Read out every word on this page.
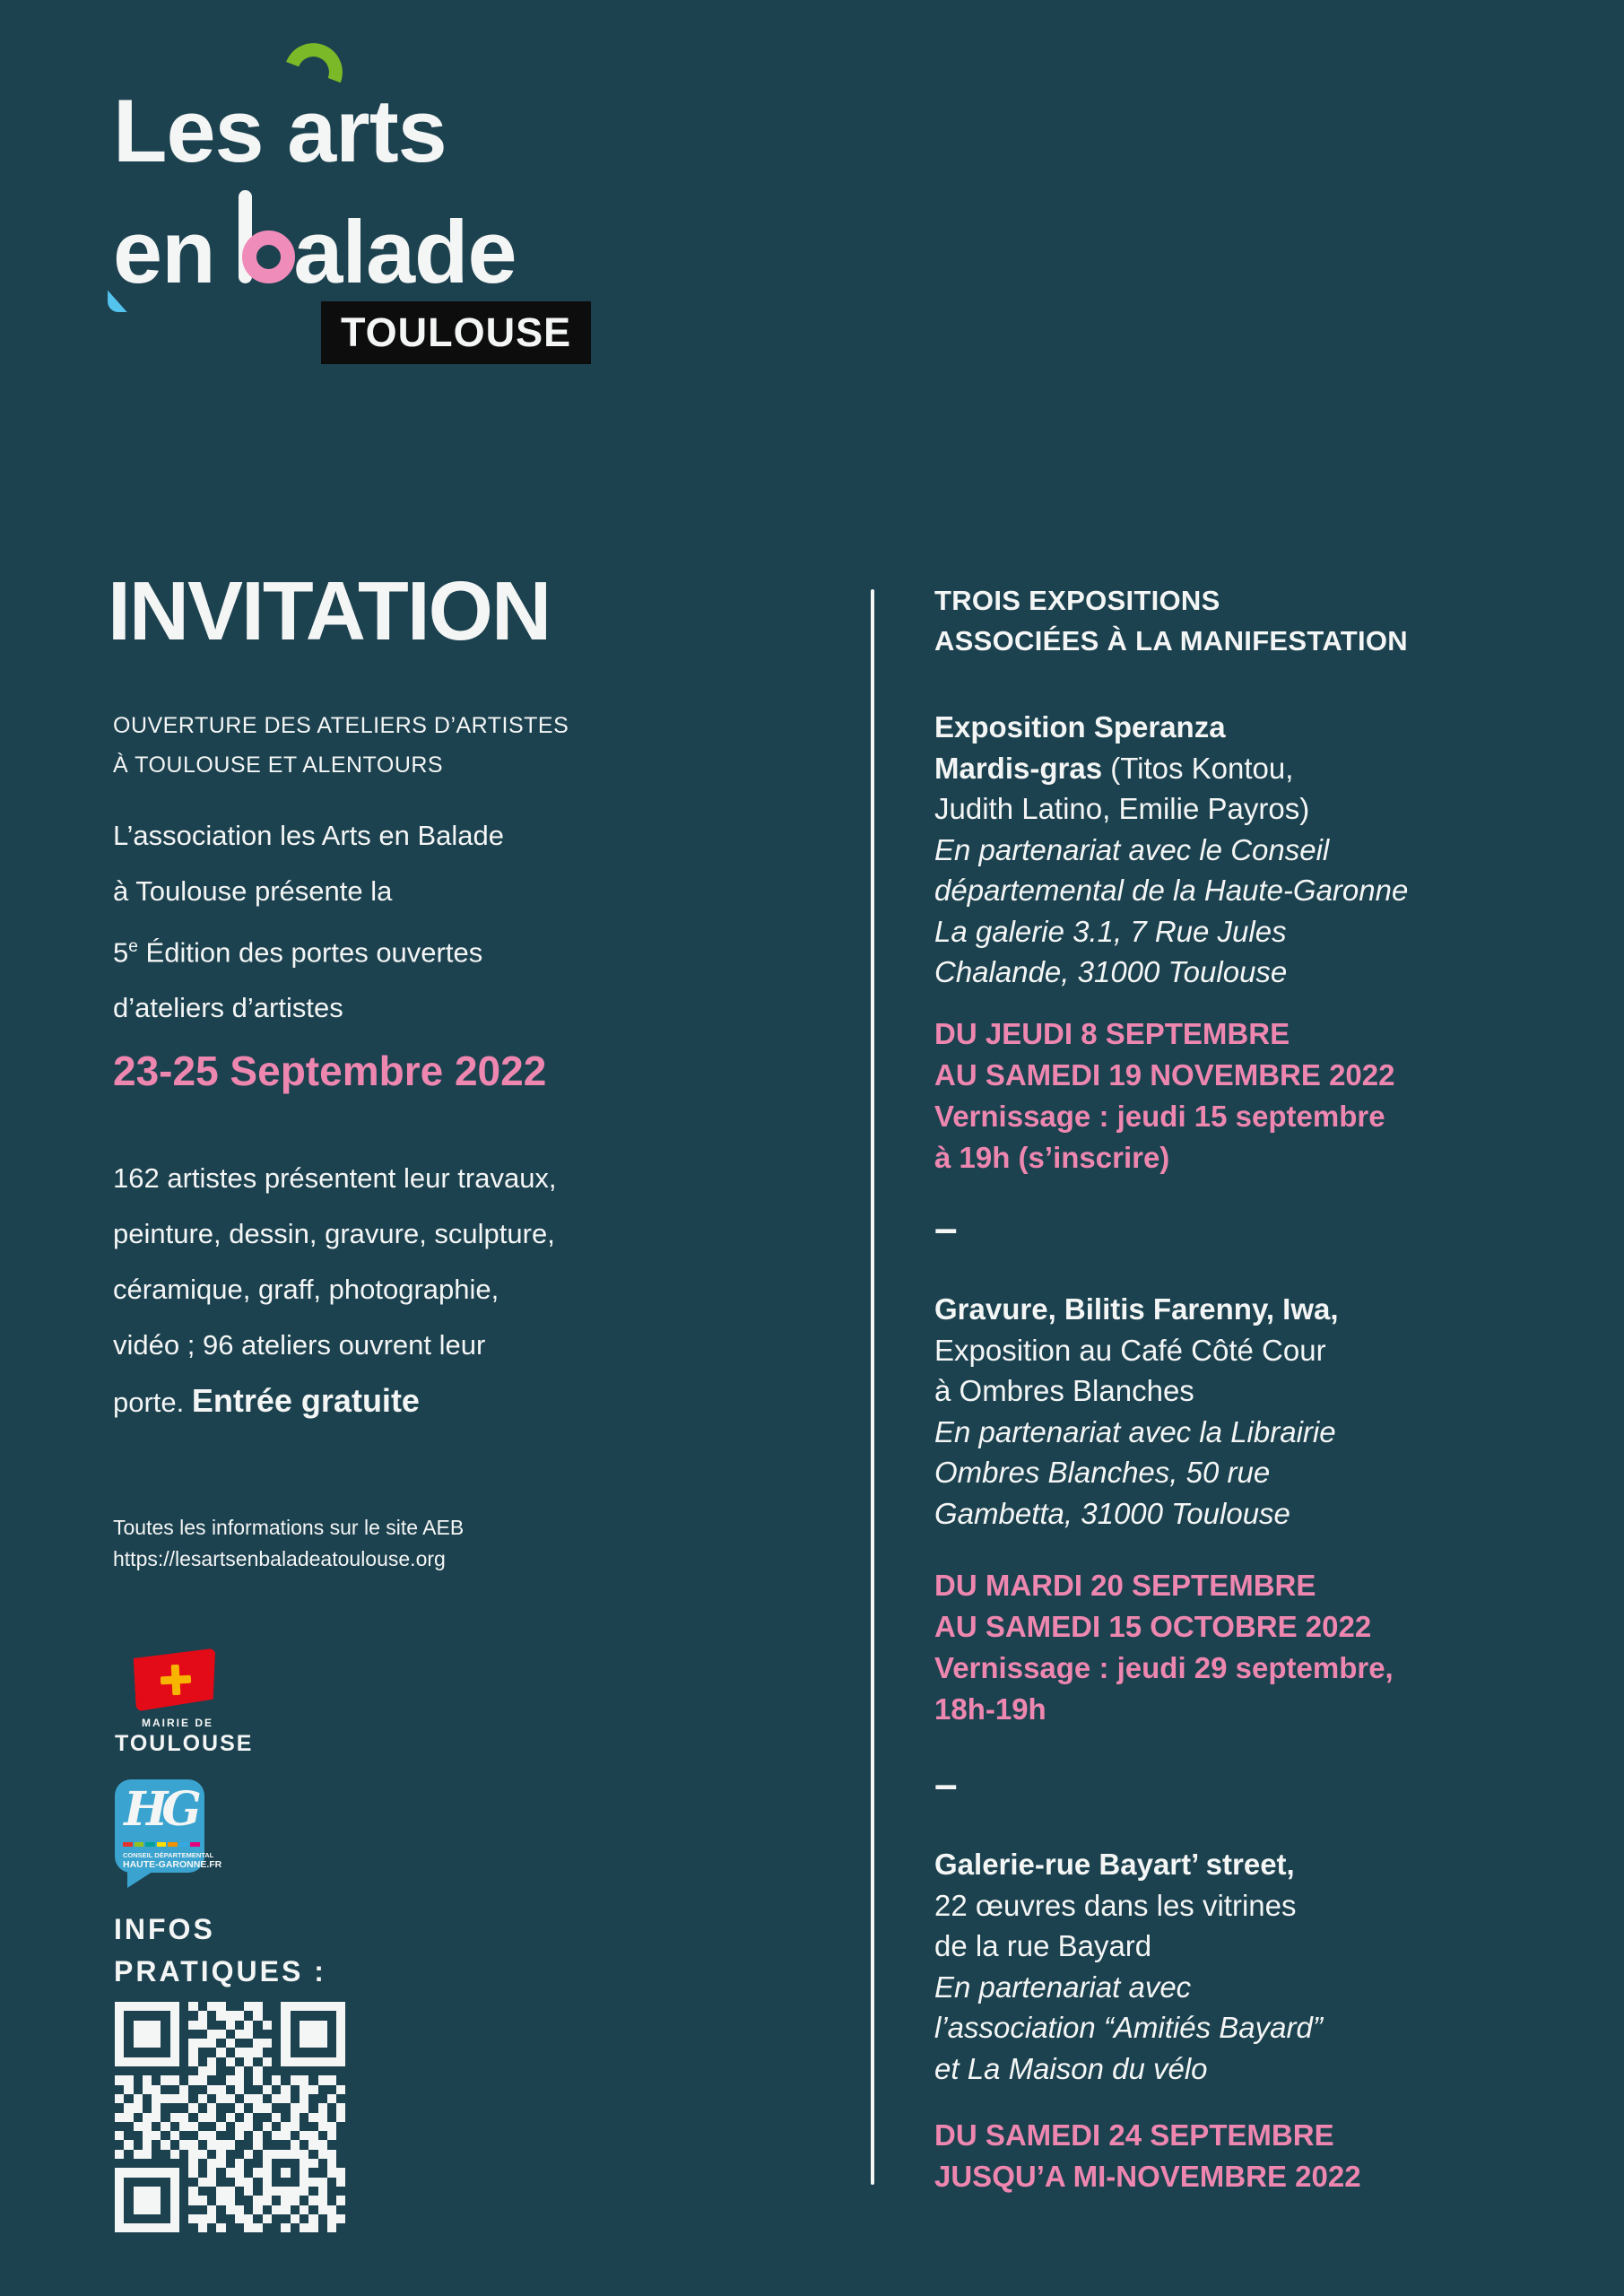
Les a
rts
e
n
alade
TOULOUSE
INVITATION
OUVERTURE DES ATELIERS D’ARTISTES
À TOULOUSE ET ALENTOURS
L’association les Arts en Balade
à Toulouse présente la
5e Édition des portes ouvertes
d’ateliers d’artistes
23-25 Septembre 2022
162 artistes présentent leur travaux,
peinture, dessin, gravure, sculpture,
céramique, graff, photographie,
vidéo ; 96 ateliers ouvrent leur
porte. Entrée gratuite
Toutes les informations sur le site AEB
https://lesartsenbaladeatoulouse.org
MAIRIE DE
TOULOUSE
HG
CONSEIL DÉPARTEMENTAL
HAUTE-GARONNE.FR
INFOS
PRATIQUES :
TROIS EXPOSITIONS
ASSOCIÉES À LA MANIFESTATION
Exposition Speranza
Mardis-gras (Titos Kontou,
Judith Latino, Emilie Payros)
En partenariat avec le Conseil
départemental de la Haute-Garonne
La galerie 3.1, 7 Rue Jules
Chalande, 31000 Toulouse
DU JEUDI 8 SEPTEMBRE
AU SAMEDI 19 NOVEMBRE 2022
Vernissage : jeudi 15 septembre
à 19h (s’inscrire)
–
Gravure, Bilitis Farenny, Iwa,
Exposition au Café Côté Cour
à Ombres Blanches
En partenariat avec la Librairie
Ombres Blanches, 50 rue
Gambetta, 31000 Toulouse
DU MARDI 20 SEPTEMBRE
AU SAMEDI 15 OCTOBRE 2022
Vernissage : jeudi 29 septembre,
18h-19h
–
Galerie-rue Bayart’ street,
22 œuvres dans les vitrines
de la rue Bayard
En partenariat avec
l’association “Amitiés Bayard”
et La Maison du vélo
DU SAMEDI 24 SEPTEMBRE
JUSQU’A MI-NOVEMBRE 2022
